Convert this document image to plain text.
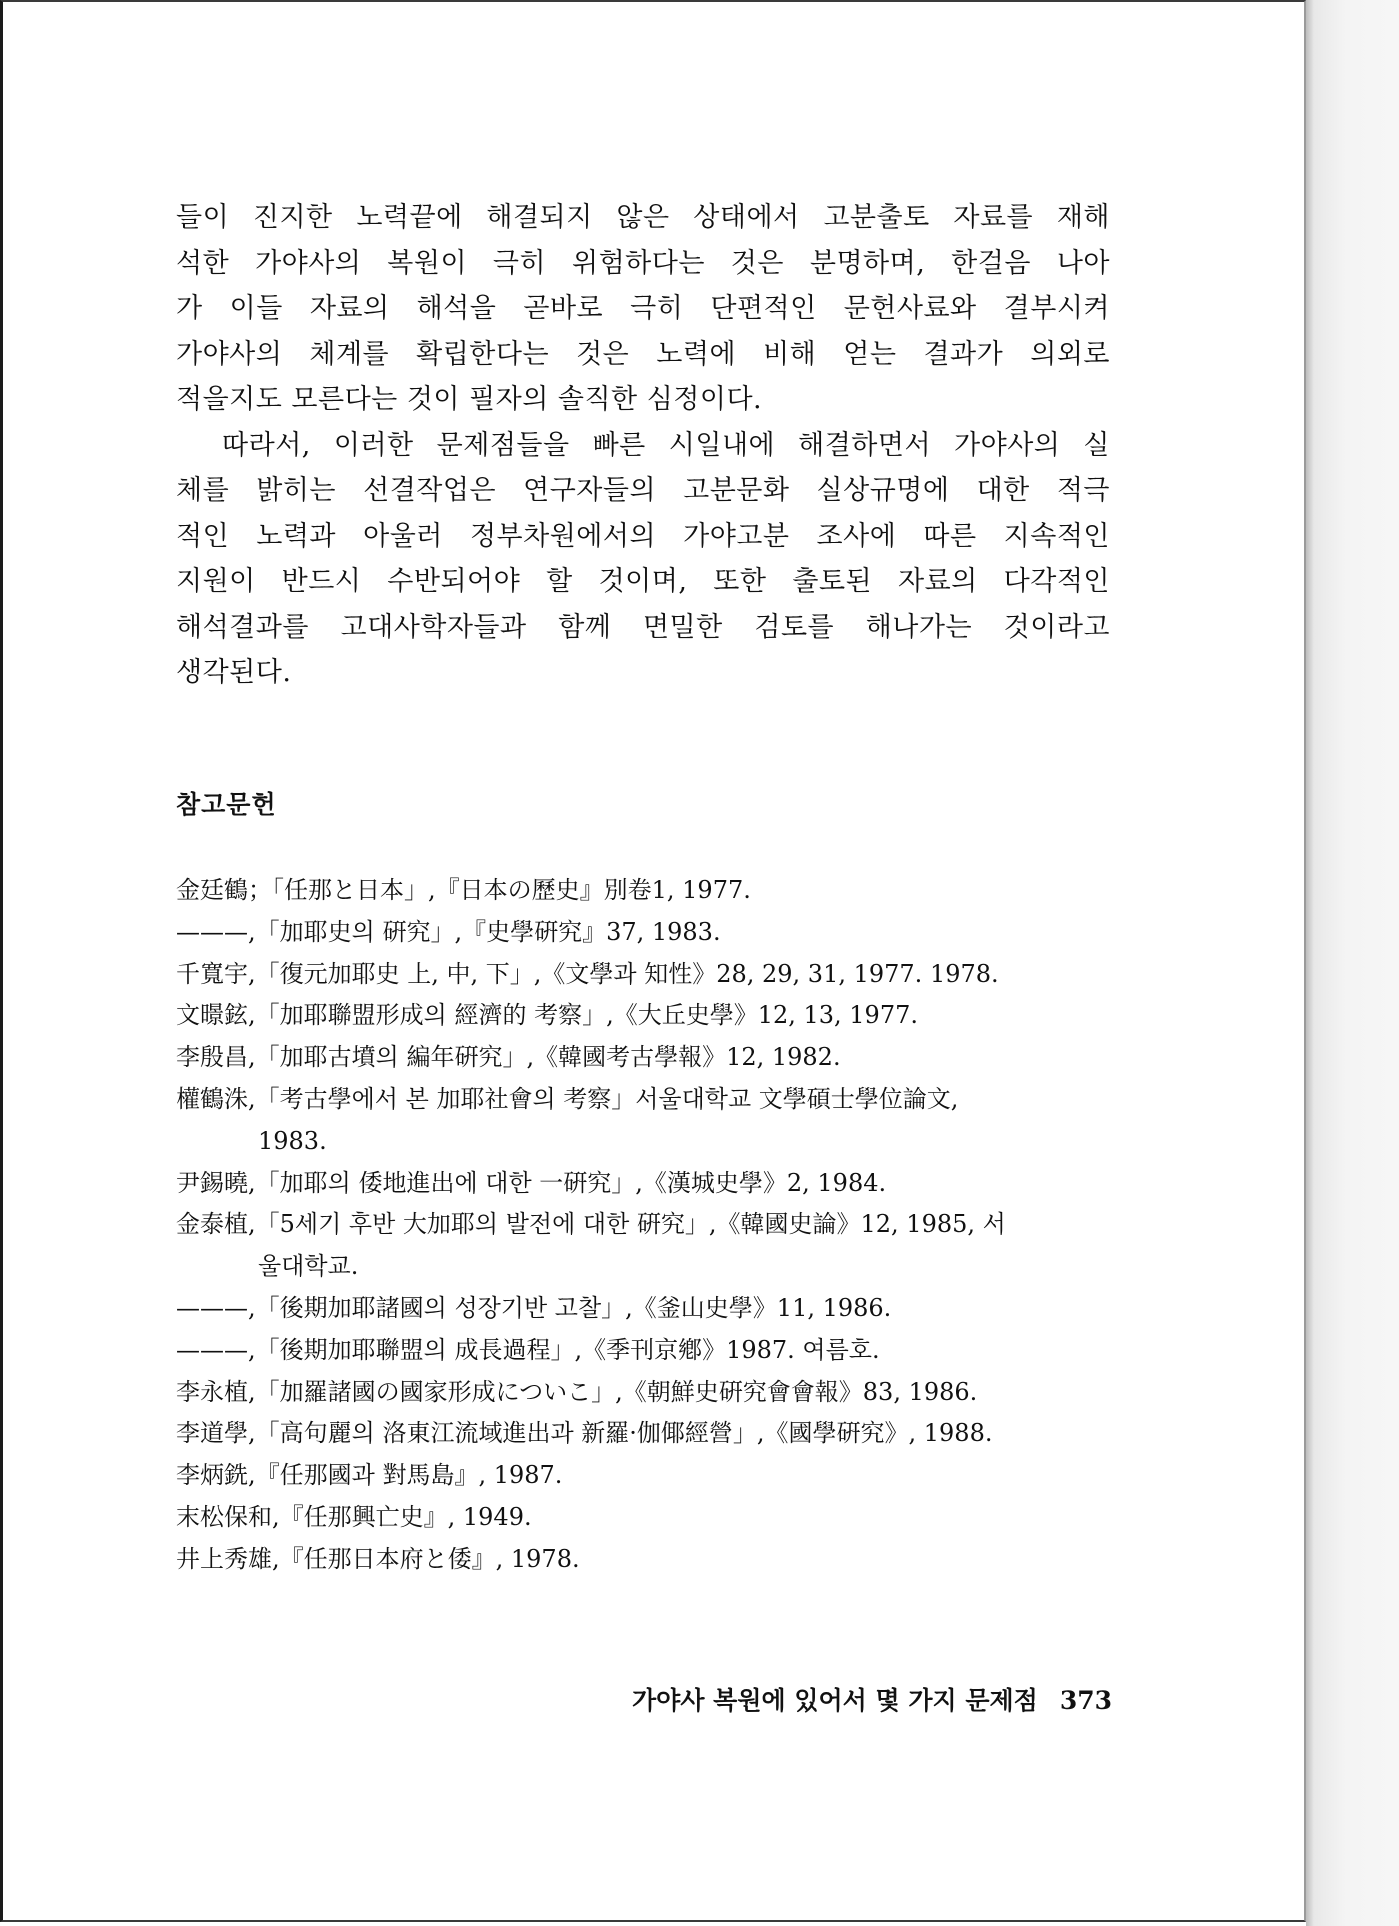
들이 진지한 노력끝에 해결되지 않은 상태에서 고분출토 자료를 재해
석한 가야사의 복원이 극히 위험하다는 것은 분명하며, 한걸음 나아
가 이들 자료의 해석을 곧바로 극히 단편적인 문헌사료와 결부시켜
가야사의 체계를 확립한다는 것은 노력에 비해 얻는 결과가 의외로
적을지도 모른다는 것이 필자의 솔직한 심정이다.
따라서, 이러한 문제점들을 빠른 시일내에 해결하면서 가야사의 실
체를 밝히는 선결작업은 연구자들의 고분문화 실상규명에 대한 적극
적인 노력과 아울러 정부차원에서의 가야고분 조사에 따른 지속적인
지원이 반드시 수반되어야 할 것이며, 또한 출토된 자료의 다각적인
해석결과를 고대사학자들과 함께 면밀한 검토를 해나가는 것이라고
생각된다.
참고문헌
金廷鶴；「任那と日本」,『日本の歷史』別卷1, 1977.
———,「加耶史의 硏究」,『史學硏究』37, 1983.
千寬宇,「復元加耶史 上, 中, 下」,《文學과 知性》28, 29, 31, 1977. 1978.
文暻鉉,「加耶聯盟形成의 經濟的 考察」,《大丘史學》12, 13, 1977.
李殷昌,「加耶古墳의 編年硏究」,《韓國考古學報》12, 1982.
權鶴洙,「考古學에서 본 加耶社會의 考察」서울대학교 文學碩士學位論文,
1983.
尹錫曉,「加耶의 倭地進出에 대한 一硏究」,《漢城史學》2, 1984.
金泰植,「5세기 후반 大加耶의 발전에 대한 硏究」,《韓國史論》12, 1985, 서
울대학교.
———,「後期加耶諸國의 성장기반 고찰」,《釜山史學》11, 1986.
———,「後期加耶聯盟의 成長過程」,《季刊京鄕》1987. 여름호.
李永植,「加羅諸國の國家形成についこ」,《朝鮮史硏究會會報》83, 1986.
李道學,「高句麗의 洛東江流域進出과 新羅·伽倻經營」,《國學硏究》, 1988.
李炳銑,『任那國과 對馬島』, 1987.
末松保和,『任那興亡史』, 1949.
井上秀雄,『任那日本府と倭』, 1978.
가야사 복원에 있어서 몇 가지 문제점 373
